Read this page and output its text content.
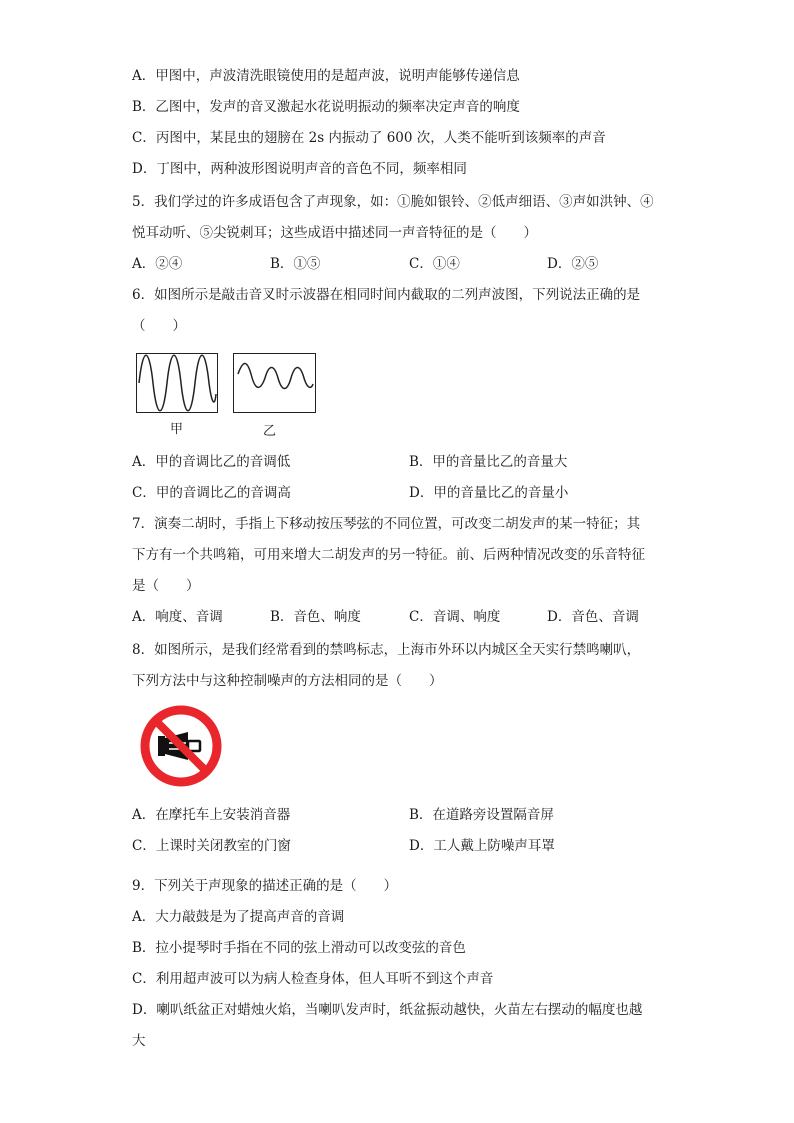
A．甲图中，声波清洗眼镜使用的是超声波，说明声能够传递信息
B．乙图中，发声的音叉激起水花说明振动的频率决定声音的响度
C．丙图中，某昆虫的翅膀在 2s 内振动了 600 次，人类不能听到该频率的声音
D．丁图中，两种波形图说明声音的音色不同，频率相同
5．我们学过的许多成语包含了声现象，如：①脆如银铃、②低声细语、③声如洪钟、④
悦耳动听、⑤尖锐刺耳；这些成语中描述同一声音特征的是（　　）
A．②④	B．①⑤	C．①④	D．②⑤
6．如图所示是敲击音叉时示波器在相同时间内截取的二列声波图，下列说法正确的是
（　　）
甲	乙
A．甲的音调比乙的音调低	B．甲的音量比乙的音量大
C．甲的音调比乙的音调高	D．甲的音量比乙的音量小
7．演奏二胡时，手指上下移动按压琴弦的不同位置，可改变二胡发声的某一特征；其
下方有一个共鸣箱，可用来增大二胡发声的另一特征。前、后两种情况改变的乐音特征
是（　　）
A．响度、音调	B．音色、响度	C．音调、响度	D．音色、音调
8．如图所示，是我们经常看到的禁鸣标志，上海市外环以内城区全天实行禁鸣喇叭，
下列方法中与这种控制噪声的方法相同的是（　　）
A．在摩托车上安装消音器	B．在道路旁设置隔音屏
C．上课时关闭教室的门窗	D．工人戴上防噪声耳罩
9．下列关于声现象的描述正确的是（　　）
A．大力敲鼓是为了提高声音的音调
B．拉小提琴时手指在不同的弦上滑动可以改变弦的音色
C．利用超声波可以为病人检查身体，但人耳听不到这个声音
D．喇叭纸盆正对蜡烛火焰，当喇叭发声时，纸盆振动越快，火苗左右摆动的幅度也越
大
